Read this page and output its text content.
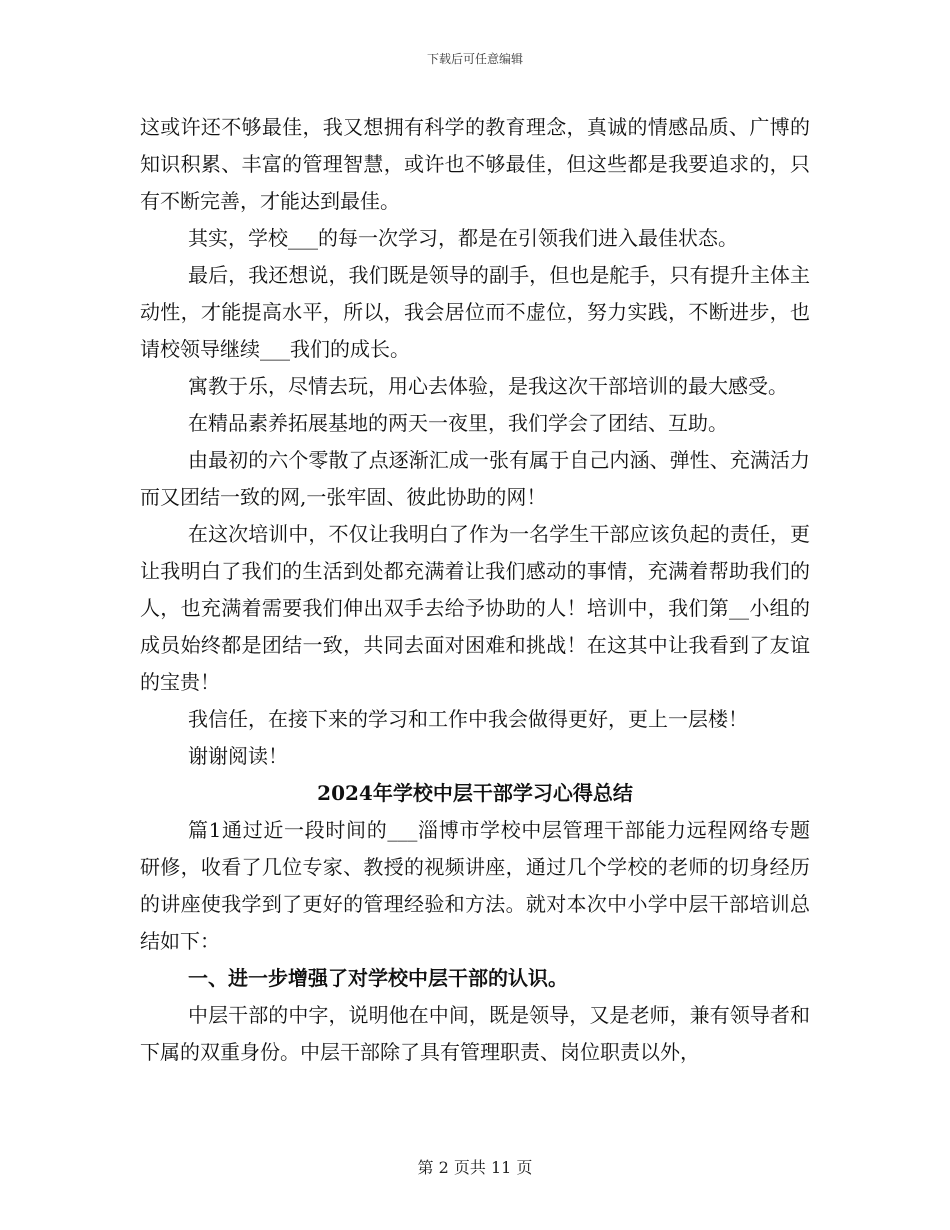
下载后可任意编辑

这或许还不够最佳，我又想拥有科学的教育理念，真诚的情感品质、广博的知识积累、丰富的管理智慧，或许也不够最佳，但这些都是我要追求的，只有不断完善，才能达到最佳。

其实，学校___的每一次学习，都是在引领我们进入最佳状态。

最后，我还想说，我们既是领导的副手，但也是舵手，只有提升主体主动性，才能提高水平，所以，我会居位而不虚位，努力实践，不断进步，也请校领导继续___我们的成长。

寓教于乐，尽情去玩，用心去体验，是我这次干部培训的最大感受。

在精品素养拓展基地的两天一夜里，我们学会了团结、互助。

由最初的六个零散了点逐渐汇成一张有属于自己内涵、弹性、充满活力而又团结一致的网,一张牢固、彼此协助的网！

在这次培训中，不仅让我明白了作为一名学生干部应该负起的责任，更让我明白了我们的生活到处都充满着让我们感动的事情，充满着帮助我们的人，也充满着需要我们伸出双手去给予协助的人！培训中，我们第__小组的成员始终都是团结一致，共同去面对困难和挑战！在这其中让我看到了友谊的宝贵！

我信任，在接下来的学习和工作中我会做得更好，更上一层楼！

谢谢阅读！

2024年学校中层干部学习心得总结

篇1通过近一段时间的___淄博市学校中层管理干部能力远程网络专题研修，收看了几位专家、教授的视频讲座，通过几个学校的老师的切身经历的讲座使我学到了更好的管理经验和方法。就对本次中小学中层干部培训总结如下：

一、进一步增强了对学校中层干部的认识。

中层干部的中字，说明他在中间，既是领导，又是老师，兼有领导者和下属的双重身份。中层干部除了具有管理职责、岗位职责以外，

第 2 页共 11 页
